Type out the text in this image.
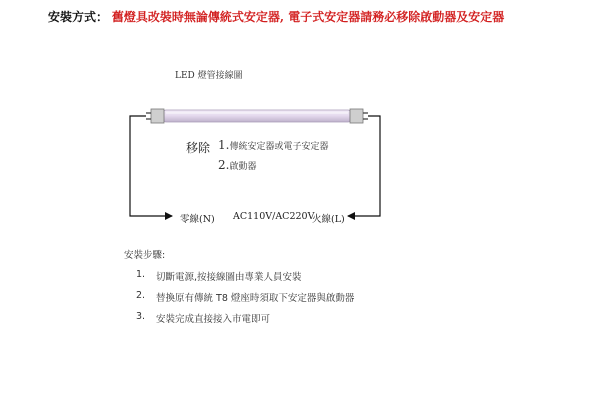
安裝方式： 舊燈具改裝時無論傳統式安定器, 電子式安定器請務必移除啟動器及安定器
LED 燈管接線圖
移除 1.傳統安定器或電子安定器
2.啟動器
零線(N) AC110V/AC220V
火線(L)
安裝步驟:
1.	切斷電源,按接線圖由專業人員安裝
2.	替換原有傳統 T8 燈座時須取下安定器與啟動器
3.	安裝完成直接接入市電即可
